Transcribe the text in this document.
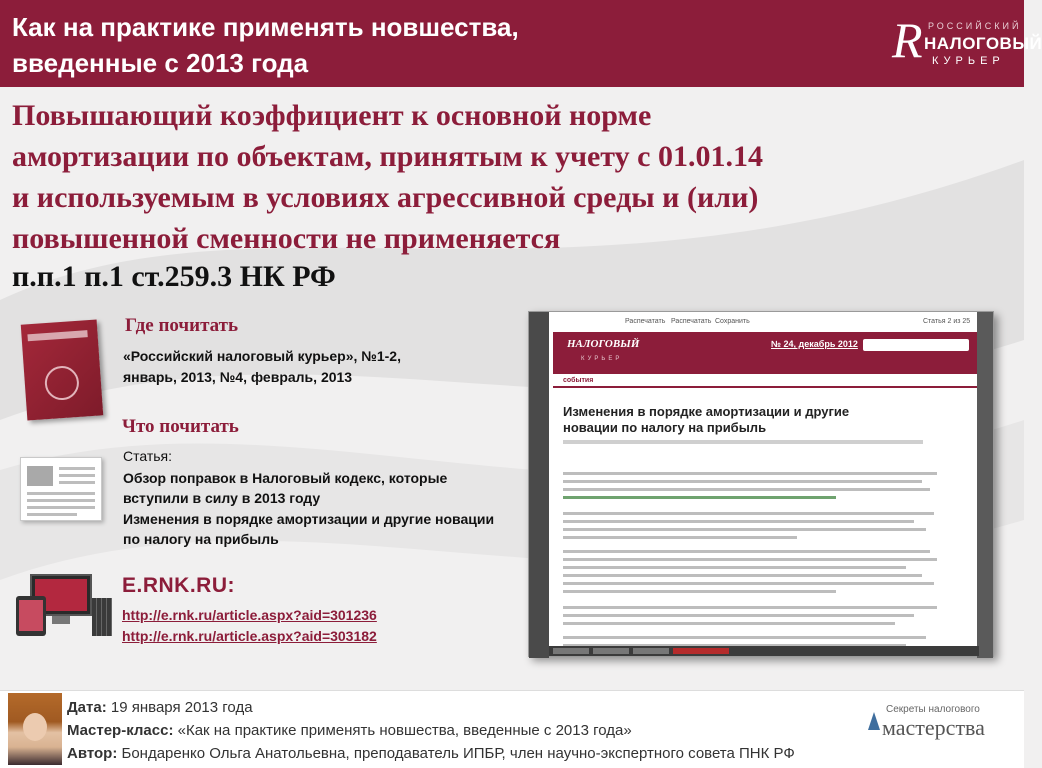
Как на практике применять новшества,
введенные с 2013 года	R РОССИЙСКИЙ
НАЛОГОВЫЙ
КУРЬЕР
Повышающий коэффициент к основной норме
амортизации по объектам, принятым к учету с 01.01.14
и используемым в условиях агрессивной среды и (или)
повышенной сменности не применяется
п.п.1 п.1 ст.259.3 НК РФ
Где почитать
«Российский налоговый курьер», №1-2,
январь, 2013, №4, февраль, 2013
Что почитать
Статья:
Обзор поправок в Налоговый кодекс, которые
вступили в силу в 2013 году
Изменения в порядке амортизации и другие новации
по налогу на прибыль
E.RNK.RU:
http://e.rnk.ru/article.aspx?aid=301236
http://e.rnk.ru/article.aspx?aid=303182
Распечатать Распечатать Сохранить	Статья 2 из 25
НАЛОГОВЫЙ
КУРЬЕР
№ 24, декабрь 2012
события
Изменения в порядке амортизации и другие
новации по налогу на прибыль
Дата: 19 января 2013 года
Мастер-класс: «Как на практике применять новшества, введенные с 2013 года»
Автор: Бондаренко Ольга Анатольевна, преподаватель ИПБР, член научно-экспертного совета ПНК РФ
Секреты налогового
мастерства
